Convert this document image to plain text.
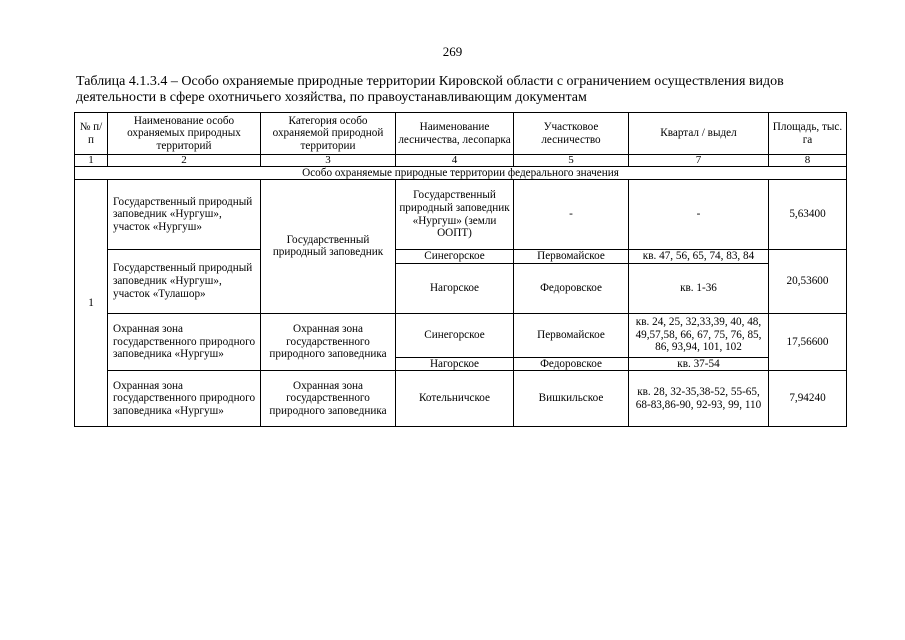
269
Таблица 4.1.3.4 – Особо охраняемые природные территории Кировской области с ограничением осуществления видов деятельности в сфере охотничьего хозяйства, по правоустанавливающим документам
№ п/п	Наименование особо охраняемых природных территорий	Категория особо охраняемой природной территории	Наименование лесничества, лесопарка	Участковое лесничество	Квартал / выдел	Площадь, тыс. га
1	2	3	4	5	7	8
Особо охраняемые природные территории федерального значения						
1	Государственный природный заповедник «Нургуш», участок «Нургуш»	Государственный природный заповедник	Государственный природный заповедник «Нургуш» (земли ООПТ)	-	-	5,63400
	Государственный природный заповедник «Нургуш», участок «Тулашор»		Синегорское	Первомайское	кв. 47, 56, 65, 74, 83, 84	20,53600
			Нагорское	Федоровское	кв. 1-36	
	Охранная зона государственного природного заповедника «Нургуш»	Охранная зона государственного природного заповедника	Синегорское	Первомайское	кв. 24, 25, 32,33,39, 40, 48, 49,57,58, 66, 67, 75, 76, 85, 86, 93,94, 101, 102	17,56600
			Нагорское	Федоровское	кв. 37-54	
	Охранная зона государственного природного заповедника «Нургуш»	Охранная зона государственного природного заповедника	Котельничское	Вишкильское	кв. 28, 32-35,38-52, 55-65, 68-83,86-90, 92-93, 99, 110	7,94240
